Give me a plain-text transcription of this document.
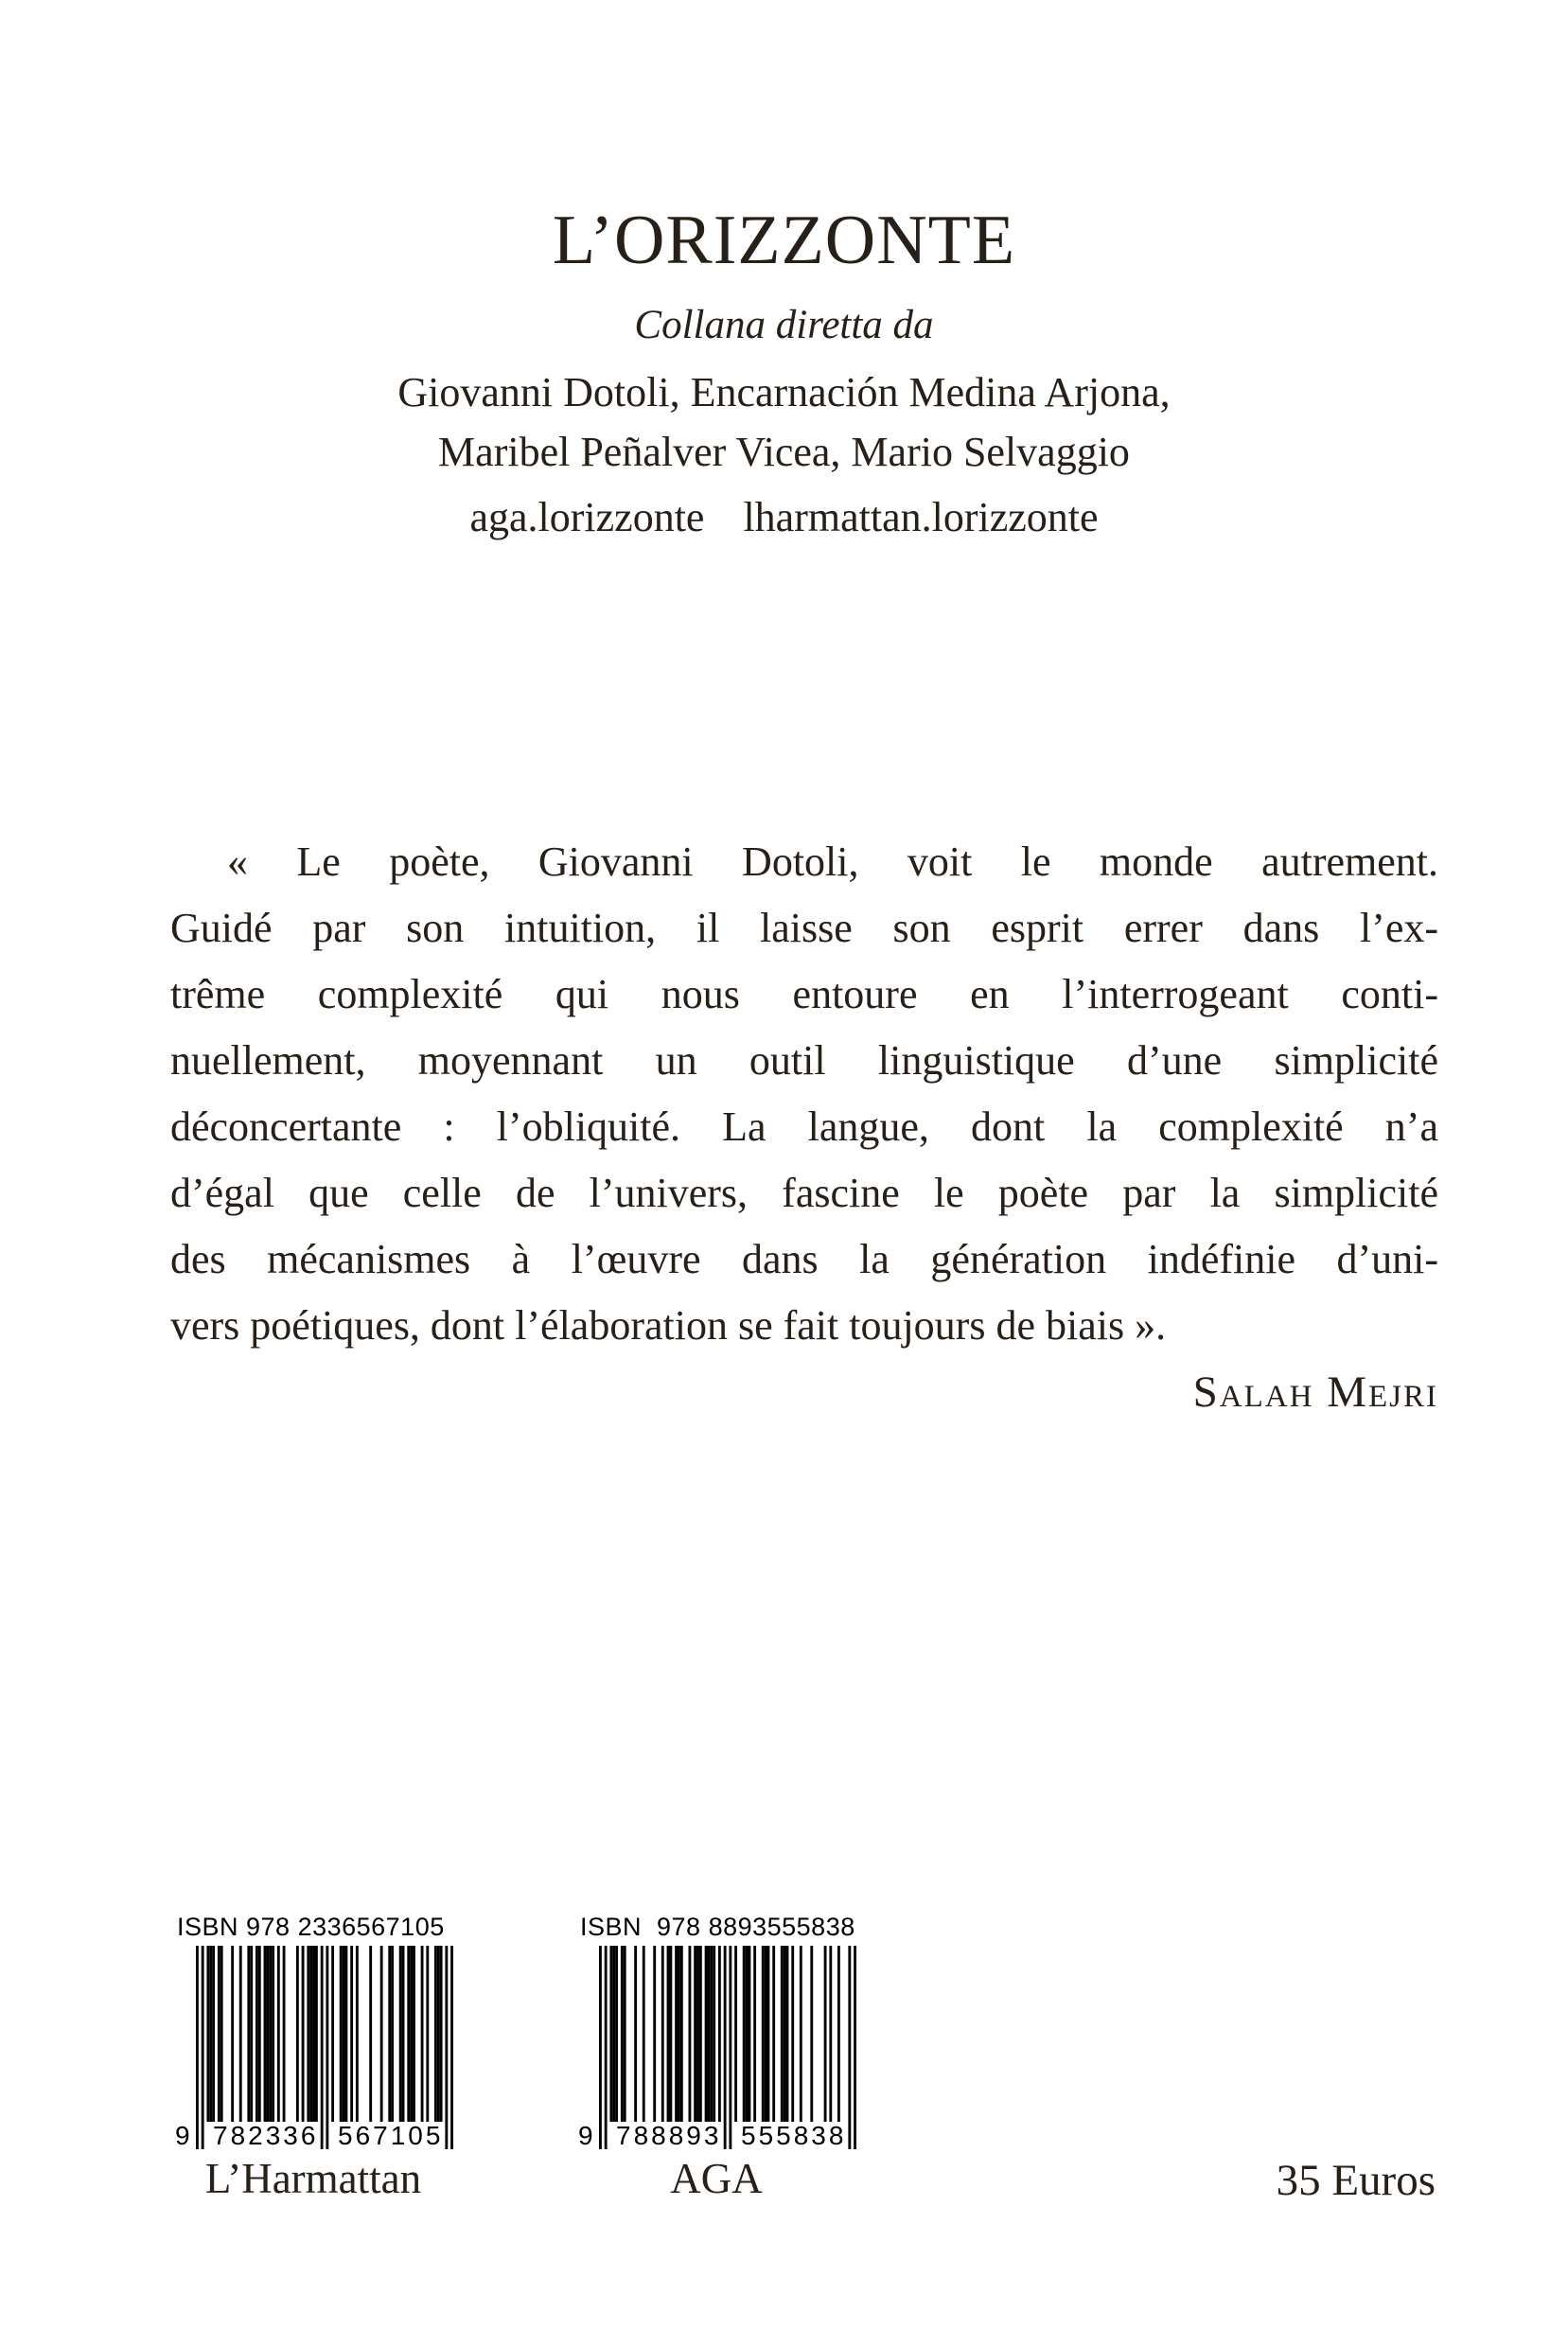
L’ORIZZONTE
Collana diretta da
Giovanni Dotoli, Encarnación Medina Arjona,
Maribel Peñalver Vicea, Mario Selvaggio
aga.lorizzonte lharmattan.lorizzonte
« Le poète, Giovanni Dotoli, voit le monde autrement.
Guidé par son intuition, il laisse son esprit errer dans l’ex-
trême complexité qui nous entoure en l’interrogeant conti-
nuellement, moyennant un outil linguistique d’une simplicité
déconcertante : l’obliquité. La langue, dont la complexité n’a
d’égal que celle de l’univers, fascine le poète par la simplicité
des mécanismes à l’œuvre dans la génération indéfinie d’uni-
vers poétiques, dont l’élaboration se fait toujours de biais ».
Salah Mejri
ISBN 978 2336567105
9 782336 567105
L’Harmattan
ISBN  978 8893555838
9 788893 555838
AGA	35 Euros
